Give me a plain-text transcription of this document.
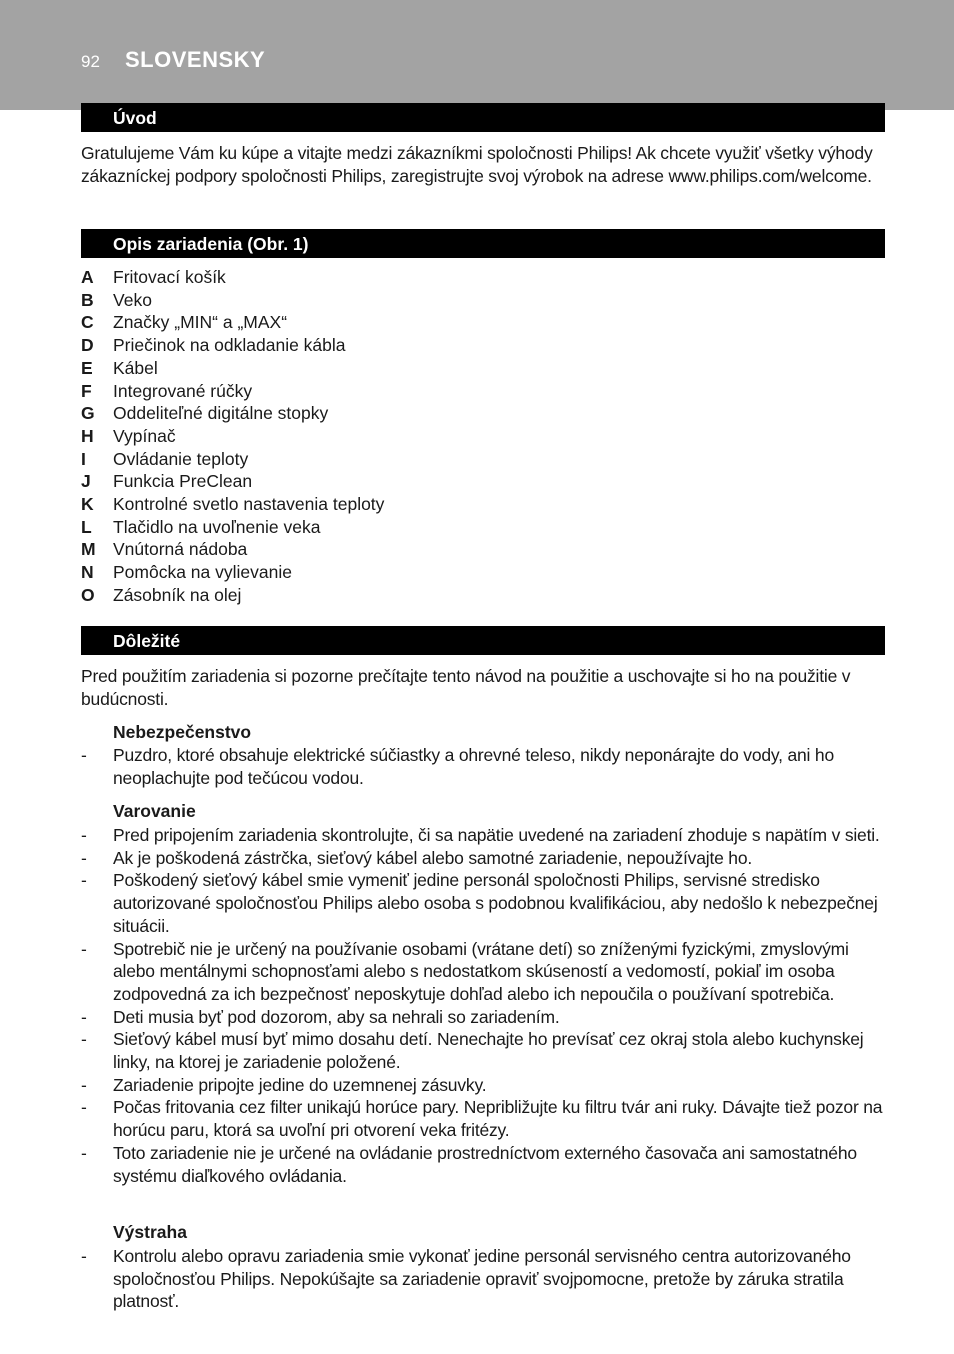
92 SLOVENSKY
Úvod

Gratulujeme Vám ku kúpe a vitajte medzi zákazníkmi spoločnosti Philips! Ak chcete využiť všetky výhody zákazníckej podpory spoločnosti Philips, zaregistrujte svoj výrobok na adrese www.philips.com/welcome.

Opis zariadenia (Obr. 1)
A	Fritovací košík
B	Veko
C	Značky „MIN“ a „MAX“
D	Priečinok na odkladanie kábla
E	Kábel
F	Integrované rúčky
G	Oddeliteľné digitálne stopky
H	Vypínač
I	Ovládanie teploty
J	Funkcia PreClean
K	Kontrolné svetlo nastavenia teploty
L	Tlačidlo na uvoľnenie veka
M Vnútorná nádoba
N	Pomôcka na vylievanie
O	Zásobník na olej
Dôležité

Pred použitím zariadenia si pozorne prečítajte tento návod na použitie a uschovajte si ho na použitie v budúcnosti.

Nebezpečenstvo
-	Puzdro, ktoré obsahuje elektrické súčiastky a ohrevné teleso, nikdy neponárajte do vody, ani ho neoplachujte pod tečúcou vodou.
Varovanie
-	Pred pripojením zariadenia skontrolujte, či sa napätie uvedené na zariadení zhoduje s napätím v sieti.
-	Ak je poškodená zástrčka, sieťový kábel alebo samotné zariadenie, nepoužívajte ho.
-	Poškodený sieťový kábel smie vymeniť jedine personál spoločnosti Philips, servisné stredisko autorizované spoločnosťou Philips alebo osoba s podobnou kvalifikáciou, aby nedošlo k nebezpečnej situácii.
-	Spotrebič nie je určený na používanie osobami (vrátane detí) so zníženými fyzickými, zmyslovými alebo mentálnymi schopnosťami alebo s nedostatkom skúseností a vedomostí, pokiaľ im osoba zodpovedná za ich bezpečnosť neposkytuje dohľad alebo ich nepoučila o používaní spotrebiča.
-	Deti musia byť pod dozorom, aby sa nehrali so zariadením.
-	Sieťový kábel musí byť mimo dosahu detí. Nenechajte ho prevísať cez okraj stola alebo kuchynskej linky, na ktorej je zariadenie položené.
-	Zariadenie pripojte jedine do uzemnenej zásuvky.
-	Počas fritovania cez filter unikajú horúce pary. Nepribližujte ku filtru tvár ani ruky. Dávajte tiež pozor na horúcu paru, ktorá sa uvoľní pri otvorení veka fritézy.
-	Toto zariadenie nie je určené na ovládanie prostredníctvom externého časovača ani samostatného systému diaľkového ovládania.
Výstraha
-	Kontrolu alebo opravu zariadenia smie vykonať jedine personál servisného centra autorizovaného spoločnosťou Philips. Nepokúšajte sa zariadenie opraviť svojpomocne, pretože by záruka stratila platnosť.
